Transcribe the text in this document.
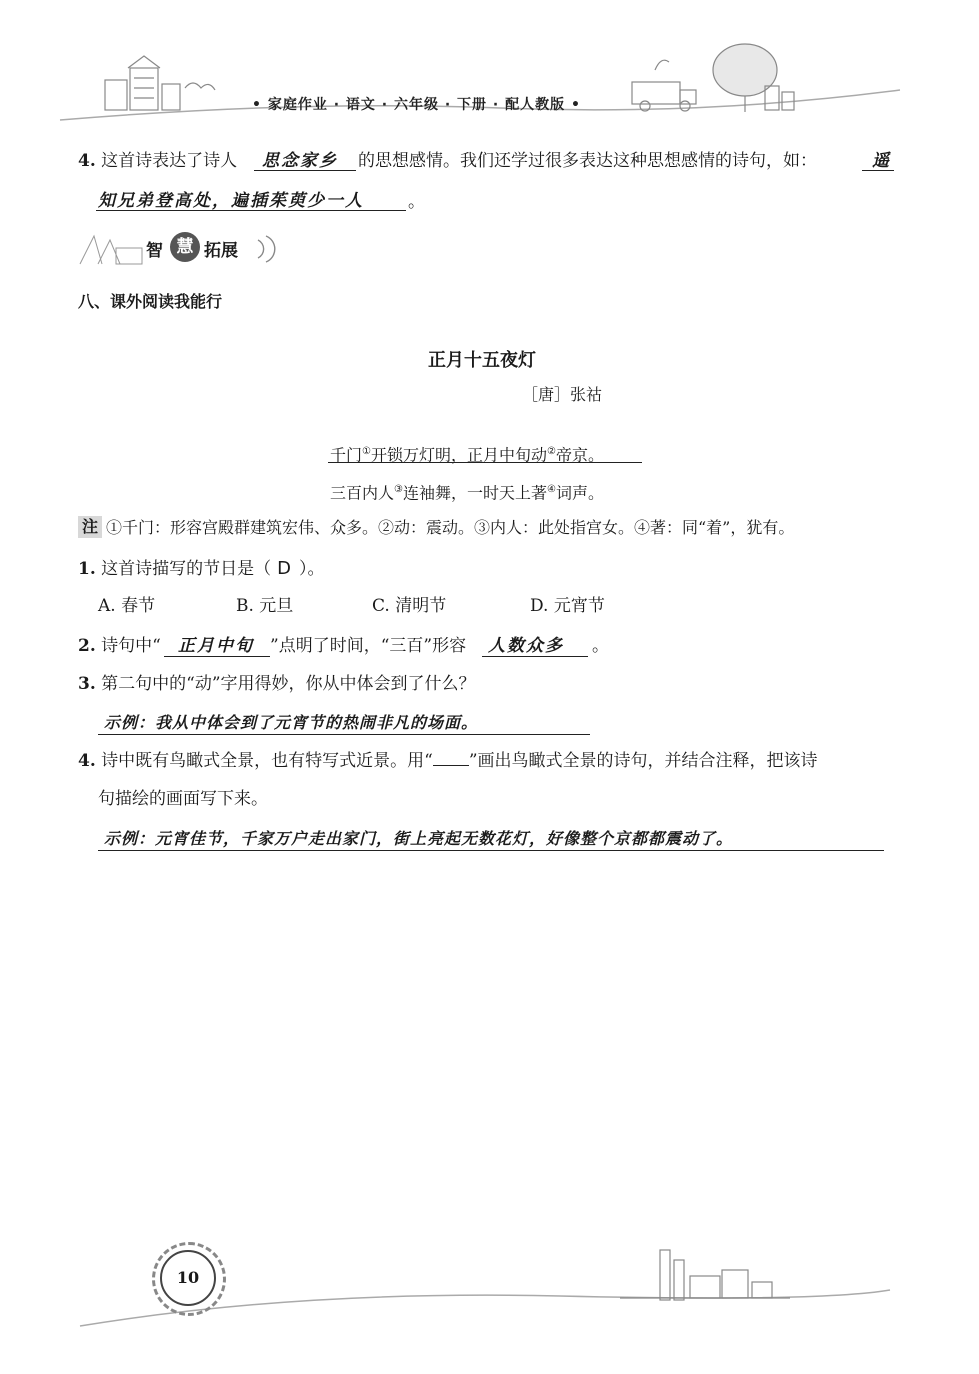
• 家庭作业 · 语文 · 六年级 · 下册 · 配人教版 •
4. 这首诗表达了诗人 思念家乡 的思想感情。我们还学过很多表达这种思想感情的诗句，如：	遥
知兄弟登高处，遍插茱萸少一人	。
智 慧 拓展
八、课外阅读我能行
正月十五夜灯
［唐］张祜
千门①开锁万灯明，正月中旬动②帝京。
三百内人③连袖舞，一时天上著④词声。
注 ①千门：形容宫殿群建筑宏伟、众多。②动：震动。③内人：此处指宫女。④著：同“着”，犹有。
1. 这首诗描写的节日是（ D ）。
A. 春节	B. 元旦	C. 清明节	D. 元宵节
2. 诗句中“ 正月中旬 ”点明了时间，“三百”形容 人数众多 。
3. 第二句中的“动”字用得妙，你从中体会到了什么？
示例：我从中体会到了元宵节的热闹非凡的场面。
4. 诗中既有鸟瞰式全景，也有特写式近景。用“ ”画出鸟瞰式全景的诗句，并结合注释，把该诗
句描绘的画面写下来。
示例：元宵佳节，千家万户走出家门，街上亮起无数花灯，好像整个京都都震动了。
10
